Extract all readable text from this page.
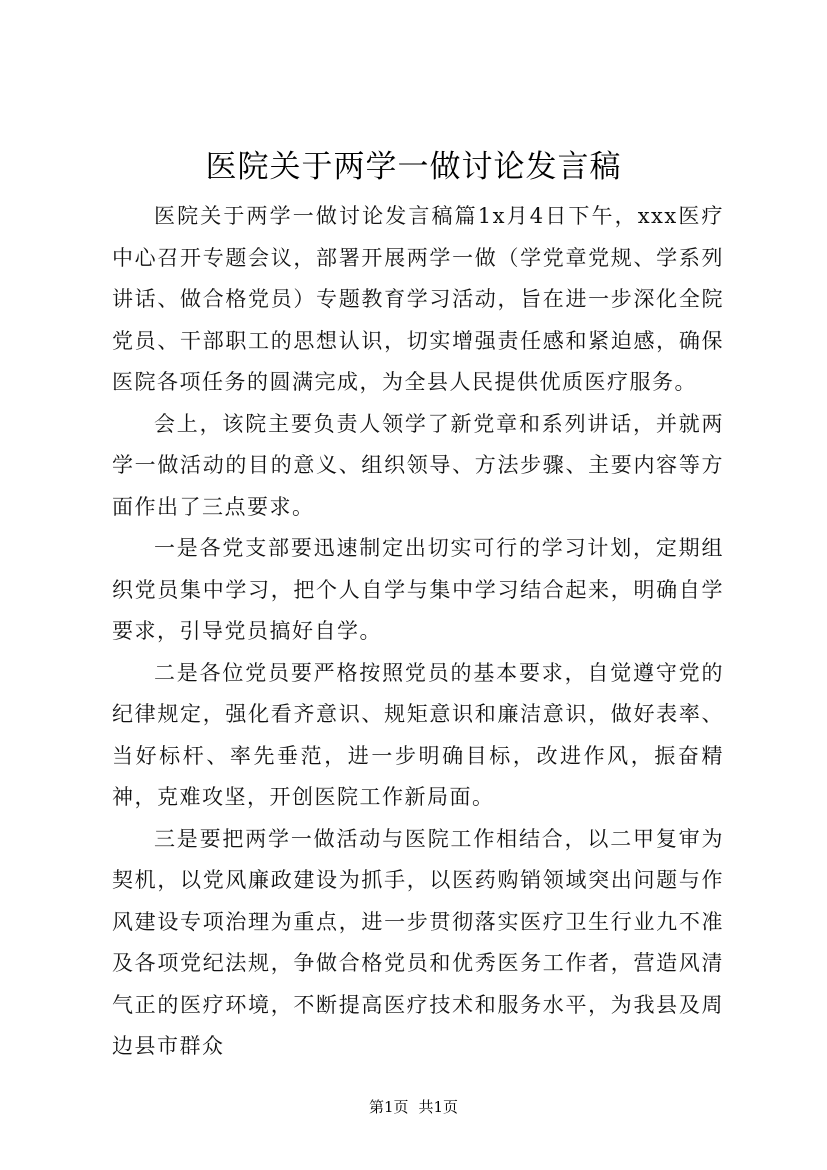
医院关于两学一做讨论发言稿

医院关于两学一做讨论发言稿篇1x月4日下午，xxx医疗中心召开专题会议，部署开展两学一做（学党章党规、学系列讲话、做合格党员）专题教育学习活动，旨在进一步深化全院党员、干部职工的思想认识，切实增强责任感和紧迫感，确保医院各项任务的圆满完成，为全县人民提供优质医疗服务。

会上，该院主要负责人领学了新党章和系列讲话，并就两学一做活动的目的意义、组织领导、方法步骤、主要内容等方面作出了三点要求。

一是各党支部要迅速制定出切实可行的学习计划，定期组织党员集中学习，把个人自学与集中学习结合起来，明确自学要求，引导党员搞好自学。

二是各位党员要严格按照党员的基本要求，自觉遵守党的纪律规定，强化看齐意识、规矩意识和廉洁意识，做好表率、当好标杆、率先垂范，进一步明确目标，改进作风，振奋精神，克难攻坚，开创医院工作新局面。

三是要把两学一做活动与医院工作相结合，以二甲复审为契机，以党风廉政建设为抓手，以医药购销领域突出问题与作风建设专项治理为重点，进一步贯彻落实医疗卫生行业九不准及各项党纪法规，争做合格党员和优秀医务工作者，营造风清气正的医疗环境，不断提高医疗技术和服务水平，为我县及周边县市群众

第1页 共1页
